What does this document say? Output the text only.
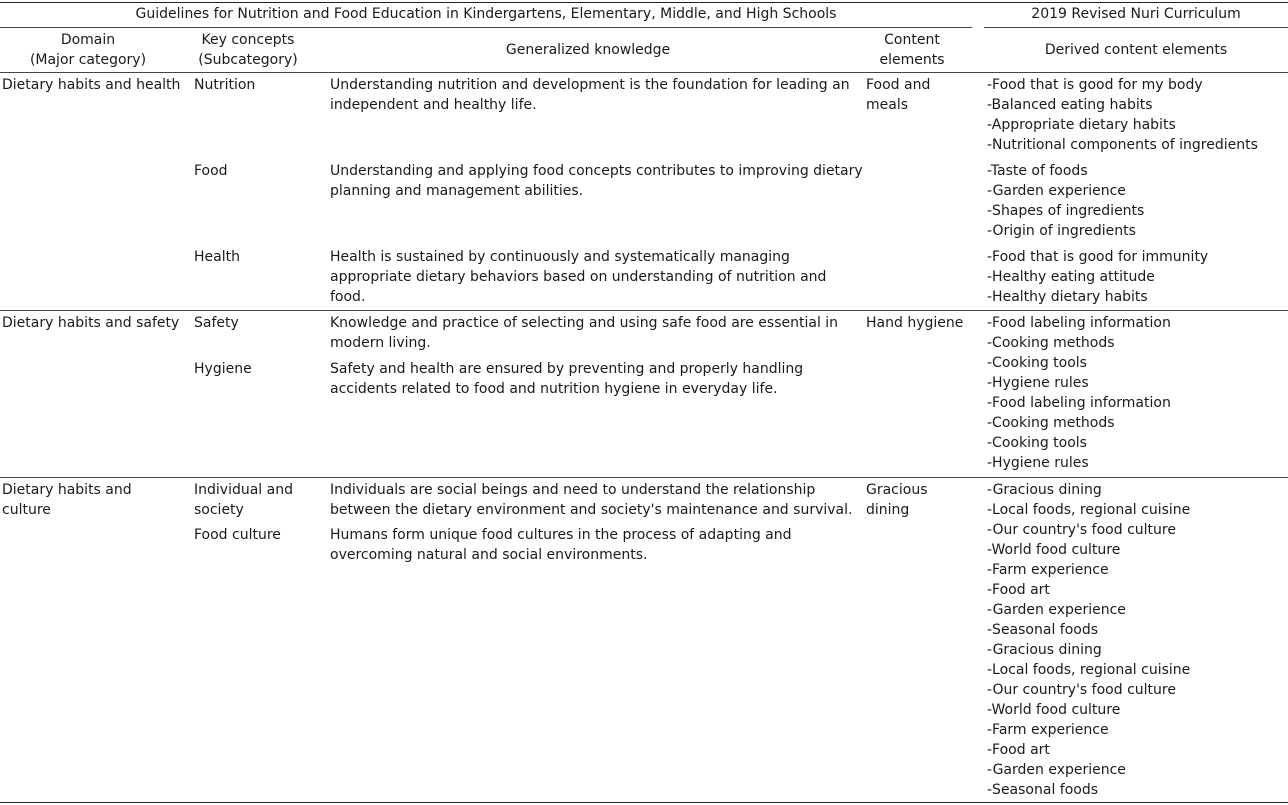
Guidelines for Nutrition and Food Education in Kindergartens, Elementary, Middle, and High Schools	2019 Revised Nuri Curriculum
Domain
(Major category)
Key concepts
(Subcategory)
Generalized knowledge
Content
elements
Derived content elements
Dietary habits and health
Dietary habits and safety
Dietary habits and
culture
Nutrition
Food
Health
Safety
Hygiene
Individual and
society
Food culture
Understanding nutrition and development is the foundation for leading an
independent and healthy life.
Understanding and applying food concepts contributes to improving dietary
planning and management abilities.
Health is sustained by continuously and systematically managing
appropriate dietary behaviors based on understanding of nutrition and
food.
Knowledge and practice of selecting and using safe food are essential in
modern living.
Safety and health are ensured by preventing and properly handling
accidents related to food and nutrition hygiene in everyday life.
Individuals are social beings and need to understand the relationship
between the dietary environment and society's maintenance and survival.
Humans form unique food cultures in the process of adapting and
overcoming natural and social environments.
Food and
meals
Hand hygiene
Gracious
dining
-Food that is good for my body
-Balanced eating habits
-Appropriate dietary habits
-Nutritional components of ingredients
-Taste of foods
-Garden experience
-Shapes of ingredients
-Origin of ingredients
-Food that is good for immunity
-Healthy eating attitude
-Healthy dietary habits
-Food labeling information
-Cooking methods
-Cooking tools
-Hygiene rules
-Food labeling information
-Cooking methods
-Cooking tools
-Hygiene rules
-Gracious dining
-Local foods, regional cuisine
-Our country's food culture
-World food culture
-Farm experience
-Food art
-Garden experience
-Seasonal foods
-Gracious dining
-Local foods, regional cuisine
-Our country's food culture
-World food culture
-Farm experience
-Food art
-Garden experience
-Seasonal foods
